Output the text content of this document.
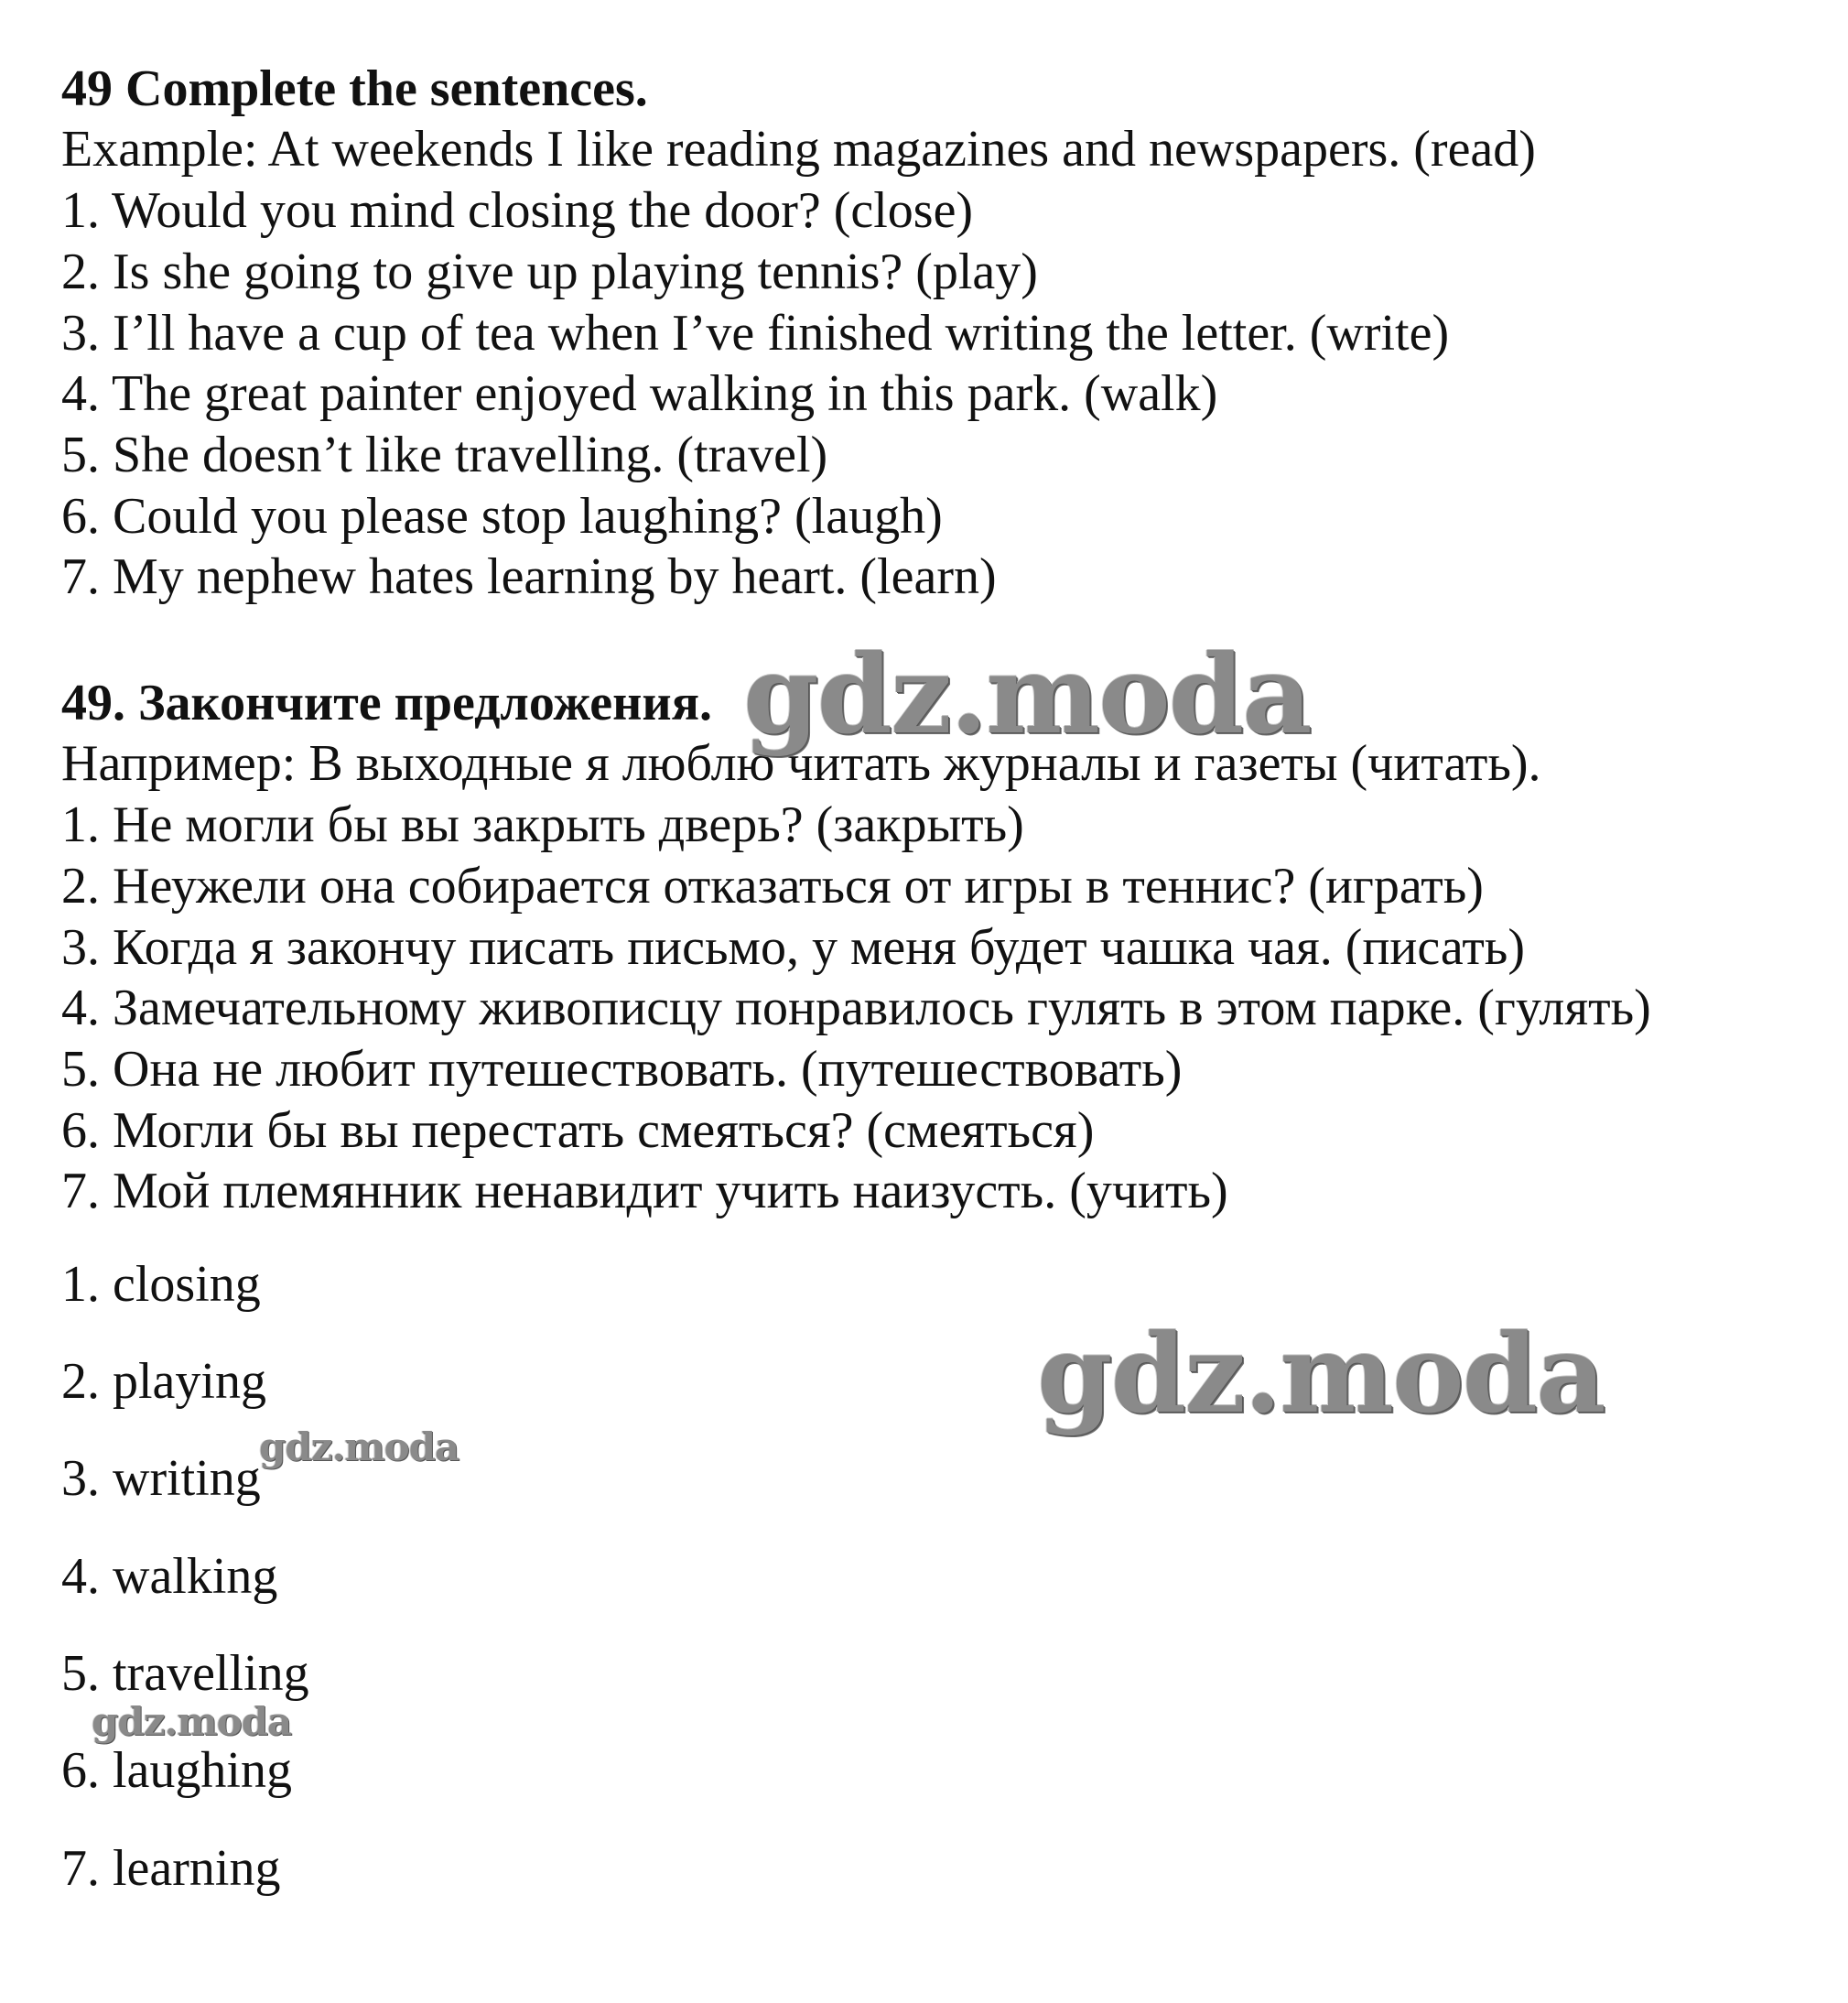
49 Complete the sentences.
Example: At weekends I like reading magazines and newspapers. (read)
1. Would you mind closing the door? (close)
2. Is she going to give up playing tennis? (play)
3. I’ll have a cup of tea when I’ve finished writing the letter. (write)
4. The great painter enjoyed walking in this park. (walk)
5. She doesn’t like travelling. (travel)
6. Could you please stop laughing? (laugh)
7. My nephew hates learning by heart. (learn)
49. Закончите предложения.
Например: В выходные я люблю читать журналы и газеты (читать).
1. Не могли бы вы закрыть дверь? (закрыть)
2. Неужели она собирается отказаться от игры в теннис? (играть)
3. Когда я закончу писать письмо, у меня будет чашка чая. (писать)
4. Замечательному живописцу понравилось гулять в этом парке. (гулять)
5. Она не любит путешествовать. (путешествовать)
6. Могли бы вы перестать смеяться? (смеяться)
7. Мой племянник ненавидит учить наизусть. (учить)
1. closing
2. playing
3. writing
4. walking
5. travelling
6. laughing
7. learning
gdz.moda
gdz.moda
gdz.moda
gdz.moda
